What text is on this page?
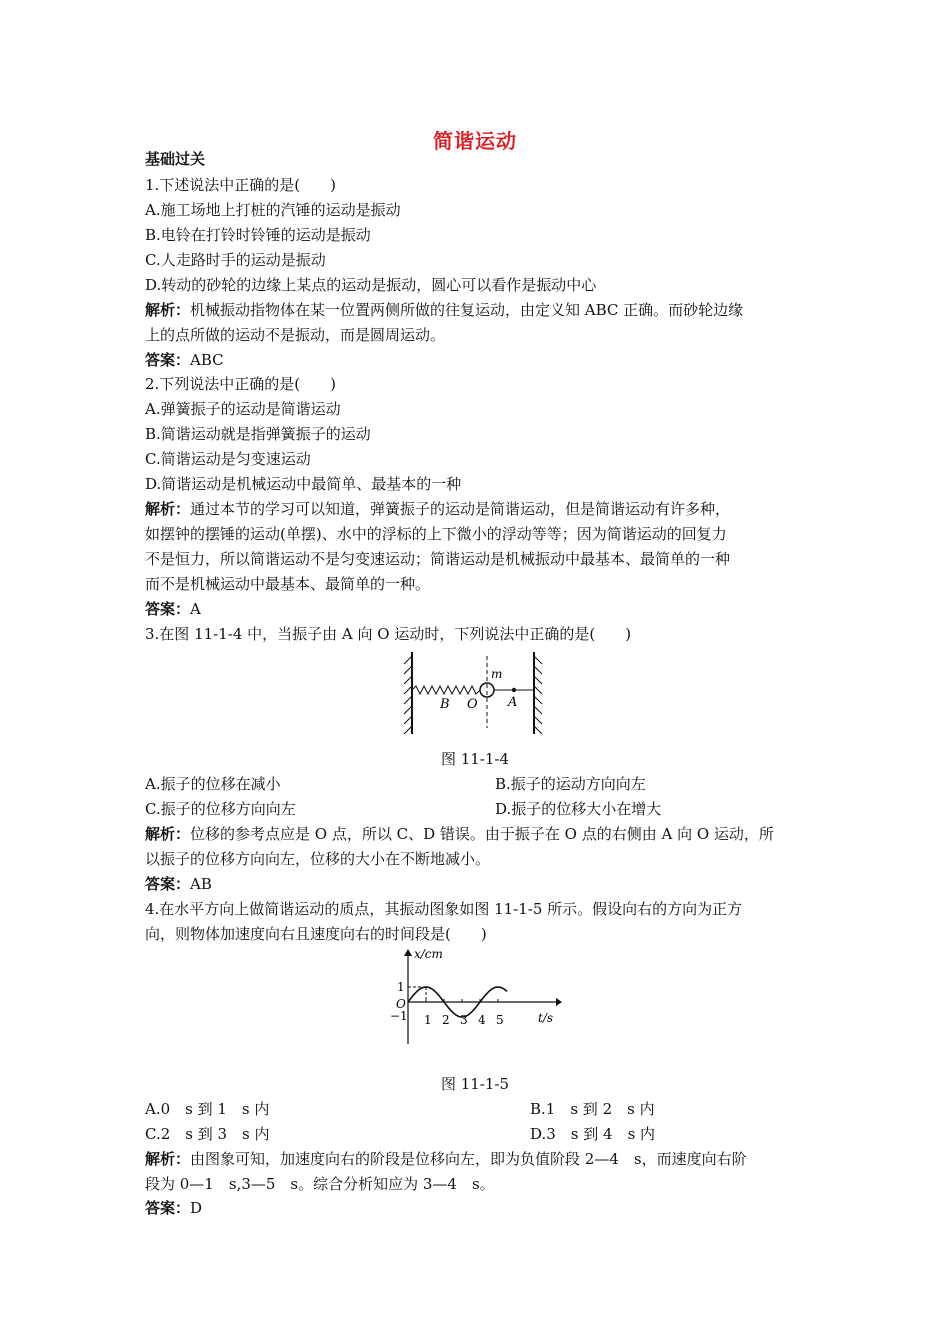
简谐运动
基础过关
1.下述说法中正确的是(　　)
A.施工场地上打桩的汽锤的运动是振动
B.电铃在打铃时铃锤的运动是振动
C.人走路时手的运动是振动
D.转动的砂轮的边缘上某点的运动是振动，圆心可以看作是振动中心
解析：机械振动指物体在某一位置两侧所做的往复运动，由定义知 ABC 正确。而砂轮边缘
上的点所做的运动不是振动，而是圆周运动。
答案：ABC
2.下列说法中正确的是(　　)
A.弹簧振子的运动是简谐运动
B.简谐运动就是指弹簧振子的运动
C.简谐运动是匀变速运动
D.简谐运动是机械运动中最简单、最基本的一种
解析：通过本节的学习可以知道，弹簧振子的运动是简谐运动，但是简谐运动有许多种，
如摆钟的摆锤的运动(单摆)、水中的浮标的上下微小的浮动等等；因为简谐运动的回复力
不是恒力，所以简谐运动不是匀变速运动；简谐运动是机械振动中最基本、最简单的一种
而不是机械运动中最基本、最简单的一种。
答案：A
3.在图 11-1-4 中，当振子由 A 向 O 运动时，下列说法中正确的是(　　)
m
B O A
图 11-1-4
A.振子的位移在减小	B.振子的运动方向向左
C.振子的位移方向向左	D.振子的位移大小在增大
解析：位移的参考点应是 O 点，所以 C、D 错误。由于振子在 O 点的右侧由 A 向 O 运动，所
以振子的位移方向向左，位移的大小在不断地减小。
答案：AB
4.在水平方向上做简谐运动的质点，其振动图象如图 11-1-5 所示。假设向右的方向为正方
向，则物体加速度向右且速度向右的时间段是(　　)
x/cm
t/s
O
1
−1 1 2 3 4 5
图 11-1-5
A.0　s 到 1　s 内	B.1　s 到 2　s 内
C.2　s 到 3　s 内	D.3　s 到 4　s 内
解析：由图象可知，加速度向右的阶段是位移向左，即为负值阶段 2—4　s，而速度向右阶
段为 0—1　s,3—5　s。综合分析知应为 3—4　s。
答案：D
